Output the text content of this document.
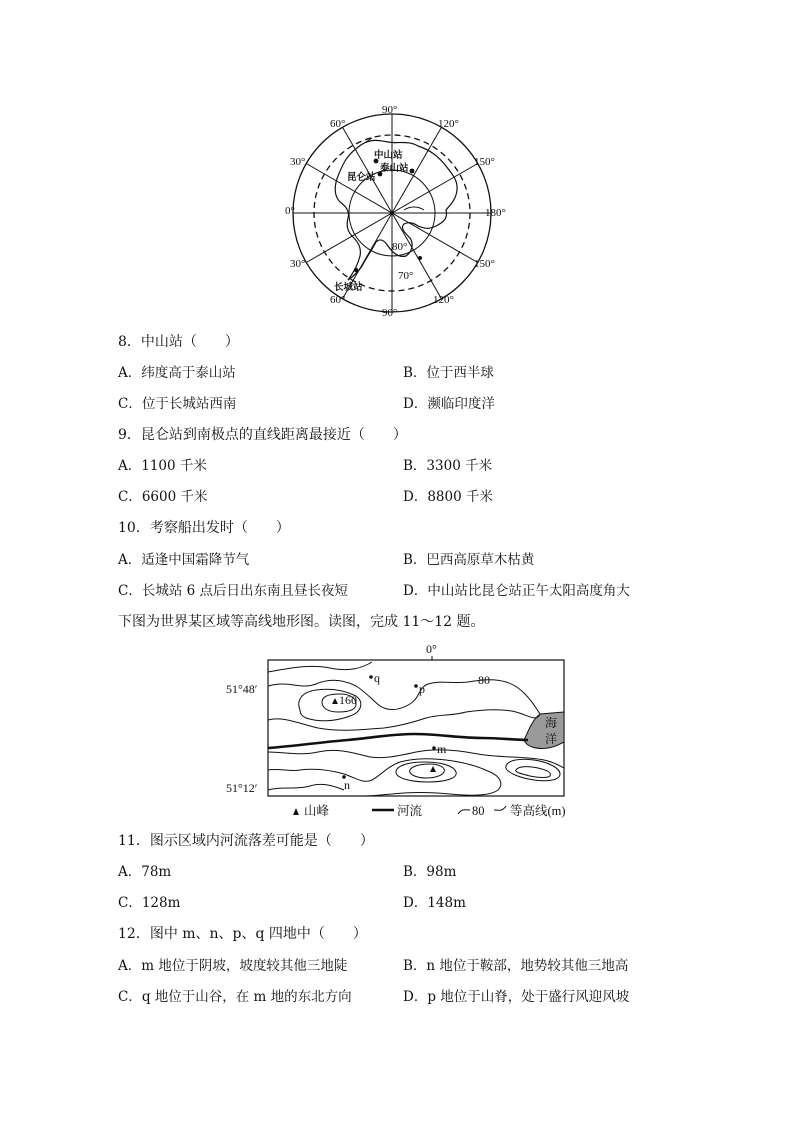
中山站
泰山站
昆仑站
长城站
90°
90°
60°	120°
30°	150°
0°	180°
30°	150°
60°	120°
80°
70°
8．中山站（　　）
A．纬度高于泰山站	B．位于西半球
C．位于长城站西南	D．濒临印度洋
9．昆仑站到南极点的直线距离最接近（　　）
A．1100 千米	B．3300 千米
C．6600 千米	D．8800 千米
10．考察船出发时（　　）
A．适逢中国霜降节气	B．巴西高原草木枯黄
C．长城站 6 点后日出东南且昼长夜短	D．中山站比昆仑站正午太阳高度角大
下图为世界某区域等高线地形图。读图，完成 11～12 题。
0°
51°48′
51°12′
80
160
q
p
m
n
海
洋
山峰	河流	80 等高线(m)
11．图示区域内河流落差可能是（　　）
A．78m	B．98m
C．128m	D．148m
12．图中 m、n、p、q 四地中（　　）
A．m 地位于阴坡，坡度较其他三地陡	B．n 地位于鞍部，地势较其他三地高
C．q 地位于山谷，在 m 地的东北方向	D．p 地位于山脊，处于盛行风迎风坡
